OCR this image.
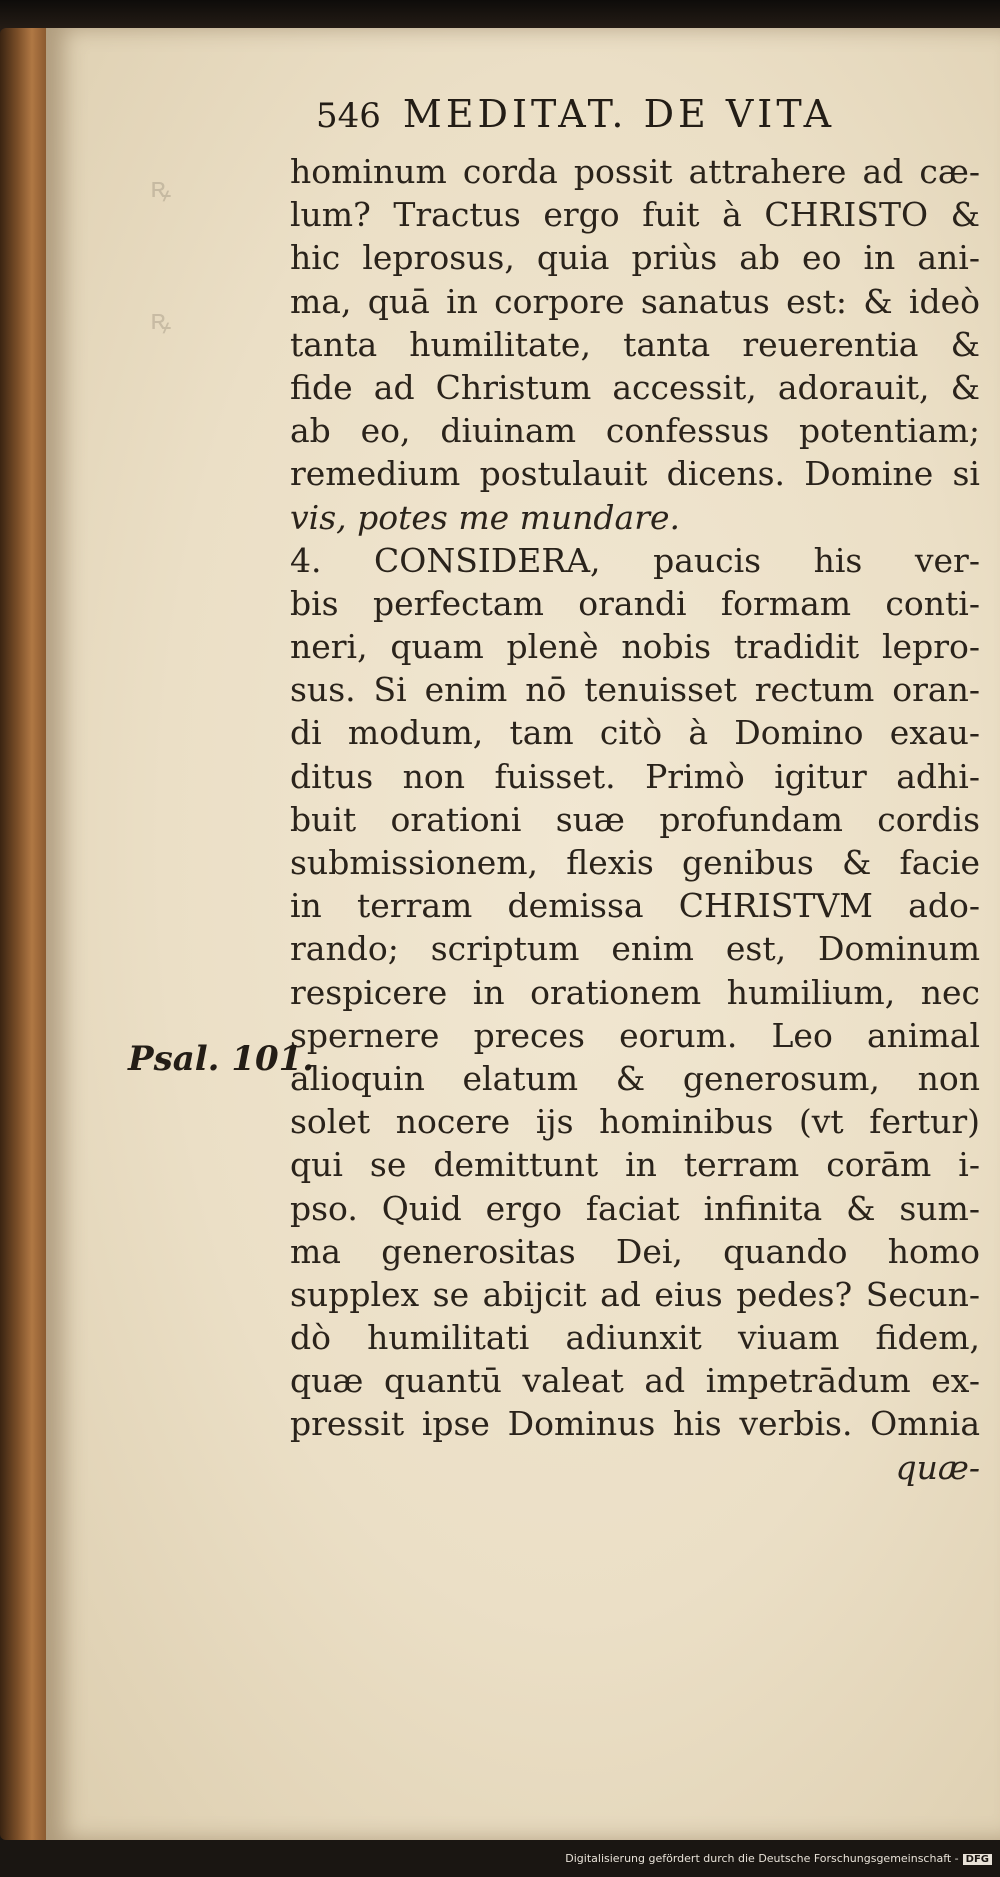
ꝶ
ꝶ
546 MEDITAT. DE VITA
hominum corda possit attrahere ad cæ-
lum? Tractus ergo fuit à CHRISTO &
hic leprosus, quia priùs ab eo in ani-
ma, quā in corpore sanatus est: & ideò
tanta humilitate, tanta reuerentia &
fide ad Christum accessit, adorauit, &
ab eo, diuinam confessus potentiam;
remedium postulauit dicens. Domine si
vis, potes me mundare.
4. CONSIDERA, paucis his ver-
bis perfectam orandi formam conti-
neri, quam plenè nobis tradidit lepro-
sus. Si enim nō tenuisset rectum oran-
di modum, tam citò à Domino exau-
ditus non fuisset. Primò igitur adhi-
buit orationi suæ profundam cordis
submissionem, flexis genibus & facie
in terram demissa CHRISTVM ado-
rando; scriptum enim est, Dominum
respicere in orationem humilium, nec
spernere preces eorum. Leo animal
alioquin elatum & generosum, non
solet nocere ijs hominibus (vt fertur)
qui se demittunt in terram corām i-
pso. Quid ergo faciat infinita & sum-
ma generositas Dei, quando homo
supplex se abijcit ad eius pedes? Secun-
dò humilitati adiunxit viuam fidem,
quæ quantū valeat ad impetrādum ex-
pressit ipse Dominus his verbis. Omnia
quæ-
Psal. 101.
Digitalisierung gefördert durch die Deutsche Forschungsgemeinschaft - DFG
